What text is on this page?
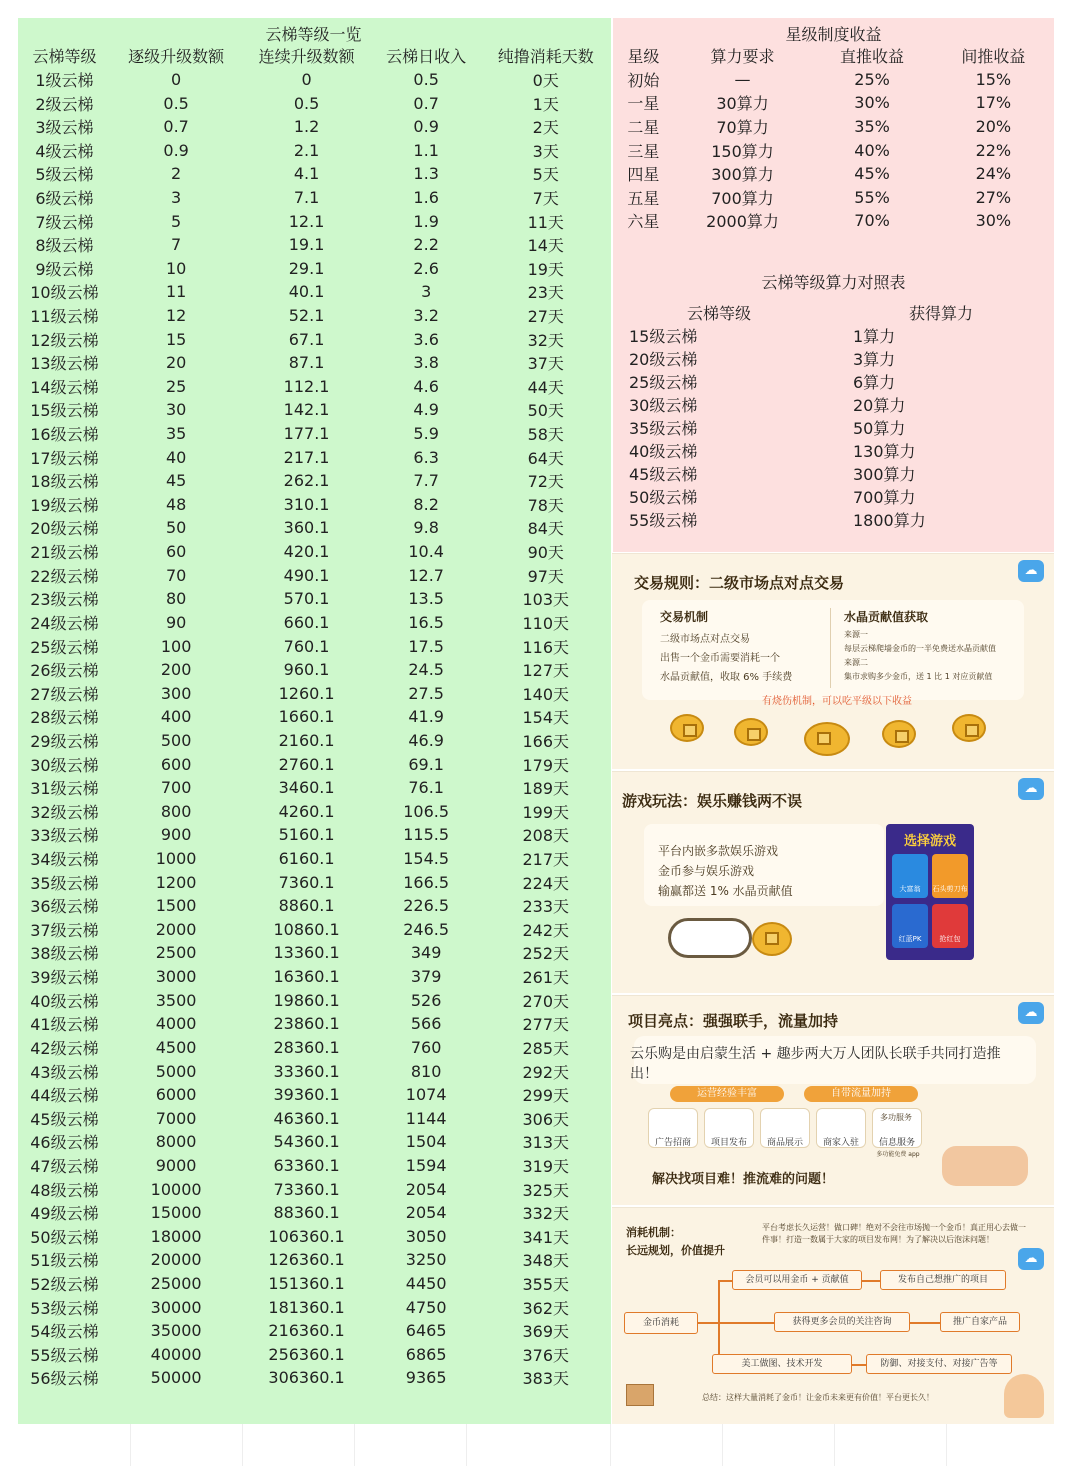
云梯等级一览
云梯等级	逐级升级数额	连续升级数额	云梯日收入	纯撸消耗天数
1级云梯	0	0	0.5	0天
2级云梯	0.5	0.5	0.7	1天
3级云梯	0.7	1.2	0.9	2天
4级云梯	0.9	2.1	1.1	3天
5级云梯	2	4.1	1.3	5天
6级云梯	3	7.1	1.6	7天
7级云梯	5	12.1	1.9	11天
8级云梯	7	19.1	2.2	14天
9级云梯	10	29.1	2.6	19天
10级云梯	11	40.1	3	23天
11级云梯	12	52.1	3.2	27天
12级云梯	15	67.1	3.6	32天
13级云梯	20	87.1	3.8	37天
14级云梯	25	112.1	4.6	44天
15级云梯	30	142.1	4.9	50天
16级云梯	35	177.1	5.9	58天
17级云梯	40	217.1	6.3	64天
18级云梯	45	262.1	7.7	72天
19级云梯	48	310.1	8.2	78天
20级云梯	50	360.1	9.8	84天
21级云梯	60	420.1	10.4	90天
22级云梯	70	490.1	12.7	97天
23级云梯	80	570.1	13.5	103天
24级云梯	90	660.1	16.5	110天
25级云梯	100	760.1	17.5	116天
26级云梯	200	960.1	24.5	127天
27级云梯	300	1260.1	27.5	140天
28级云梯	400	1660.1	41.9	154天
29级云梯	500	2160.1	46.9	166天
30级云梯	600	2760.1	69.1	179天
31级云梯	700	3460.1	76.1	189天
32级云梯	800	4260.1	106.5	199天
33级云梯	900	5160.1	115.5	208天
34级云梯	1000	6160.1	154.5	217天
35级云梯	1200	7360.1	166.5	224天
36级云梯	1500	8860.1	226.5	233天
37级云梯	2000	10860.1	246.5	242天
38级云梯	2500	13360.1	349	252天
39级云梯	3000	16360.1	379	261天
40级云梯	3500	19860.1	526	270天
41级云梯	4000	23860.1	566	277天
42级云梯	4500	28360.1	760	285天
43级云梯	5000	33360.1	810	292天
44级云梯	6000	39360.1	1074	299天
45级云梯	7000	46360.1	1144	306天
46级云梯	8000	54360.1	1504	313天
47级云梯	9000	63360.1	1594	319天
48级云梯	10000	73360.1	2054	325天
49级云梯	15000	88360.1	2054	332天
50级云梯	18000	106360.1	3050	341天
51级云梯	20000	126360.1	3250	348天
52级云梯	25000	151360.1	4450	355天
53级云梯	30000	181360.1	4750	362天
54级云梯	35000	216360.1	6465	369天
55级云梯	40000	256360.1	6865	376天
56级云梯	50000	306360.1	9365	383天
星级制度收益
星级	算力要求	直推收益	间推收益
初始	—	25%	15%
一星	30算力	30%	17%
二星	70算力	35%	20%
三星	150算力	40%	22%
四星	300算力	45%	24%
五星	700算力	55%	27%
六星	2000算力	70%	30%
云梯等级算力对照表
云梯等级	获得算力
15级云梯	1算力
20级云梯	3算力
25级云梯	6算力
30级云梯	20算力
35级云梯	50算力
40级云梯	130算力
45级云梯	300算力
50级云梯	700算力
55级云梯	1800算力
☁
交易规则：二级市场点对点交易
交易机制
二级市场点对点交易
出售一个金币需要消耗一个
水晶贡献值，收取 6% 手续费
水晶贡献值获取
来源一
每层云梯爬墙金币的一半免费送水晶贡献值
来源二
集市求购多少金币，送 1 比 1 对应贡献值
有烧伤机制，可以吃平级以下收益
☁
游戏玩法：娱乐赚钱两不误
平台内嵌多款娱乐游戏
金币参与娱乐游戏
输赢都送 1% 水晶贡献值
选择游戏
大富翁	石头剪刀布
红蓝PK	抢红包
☁
项目亮点：强强联手，流量加持
云乐购是由启蒙生活 + 趣步两大万人团队长联手共同打造推出！
运营经验丰富	自带流量加持
广告招商	项目发布	商品展示	商家入驻	信息服务
多功服务
多功能免费 app
解决找项目难！推流难的问题！
☁
消耗机制：
长远规划，价值提升
平台考虑长久运营！做口碑！绝对不会往市场抛一个金币！真正用心去做一件事！打造一数属于大家的项目发布网！为了解决以后泡沫问题！
金币消耗
会员可以用金币 + 贡献值	发布自己想推广的项目
获得更多会员的关注咨询	推广自家产品
美工做图、技术开发	防御、对接支付、对接广告等
总结：这样大量消耗了金币！让金币未来更有价值！平台更长久！
